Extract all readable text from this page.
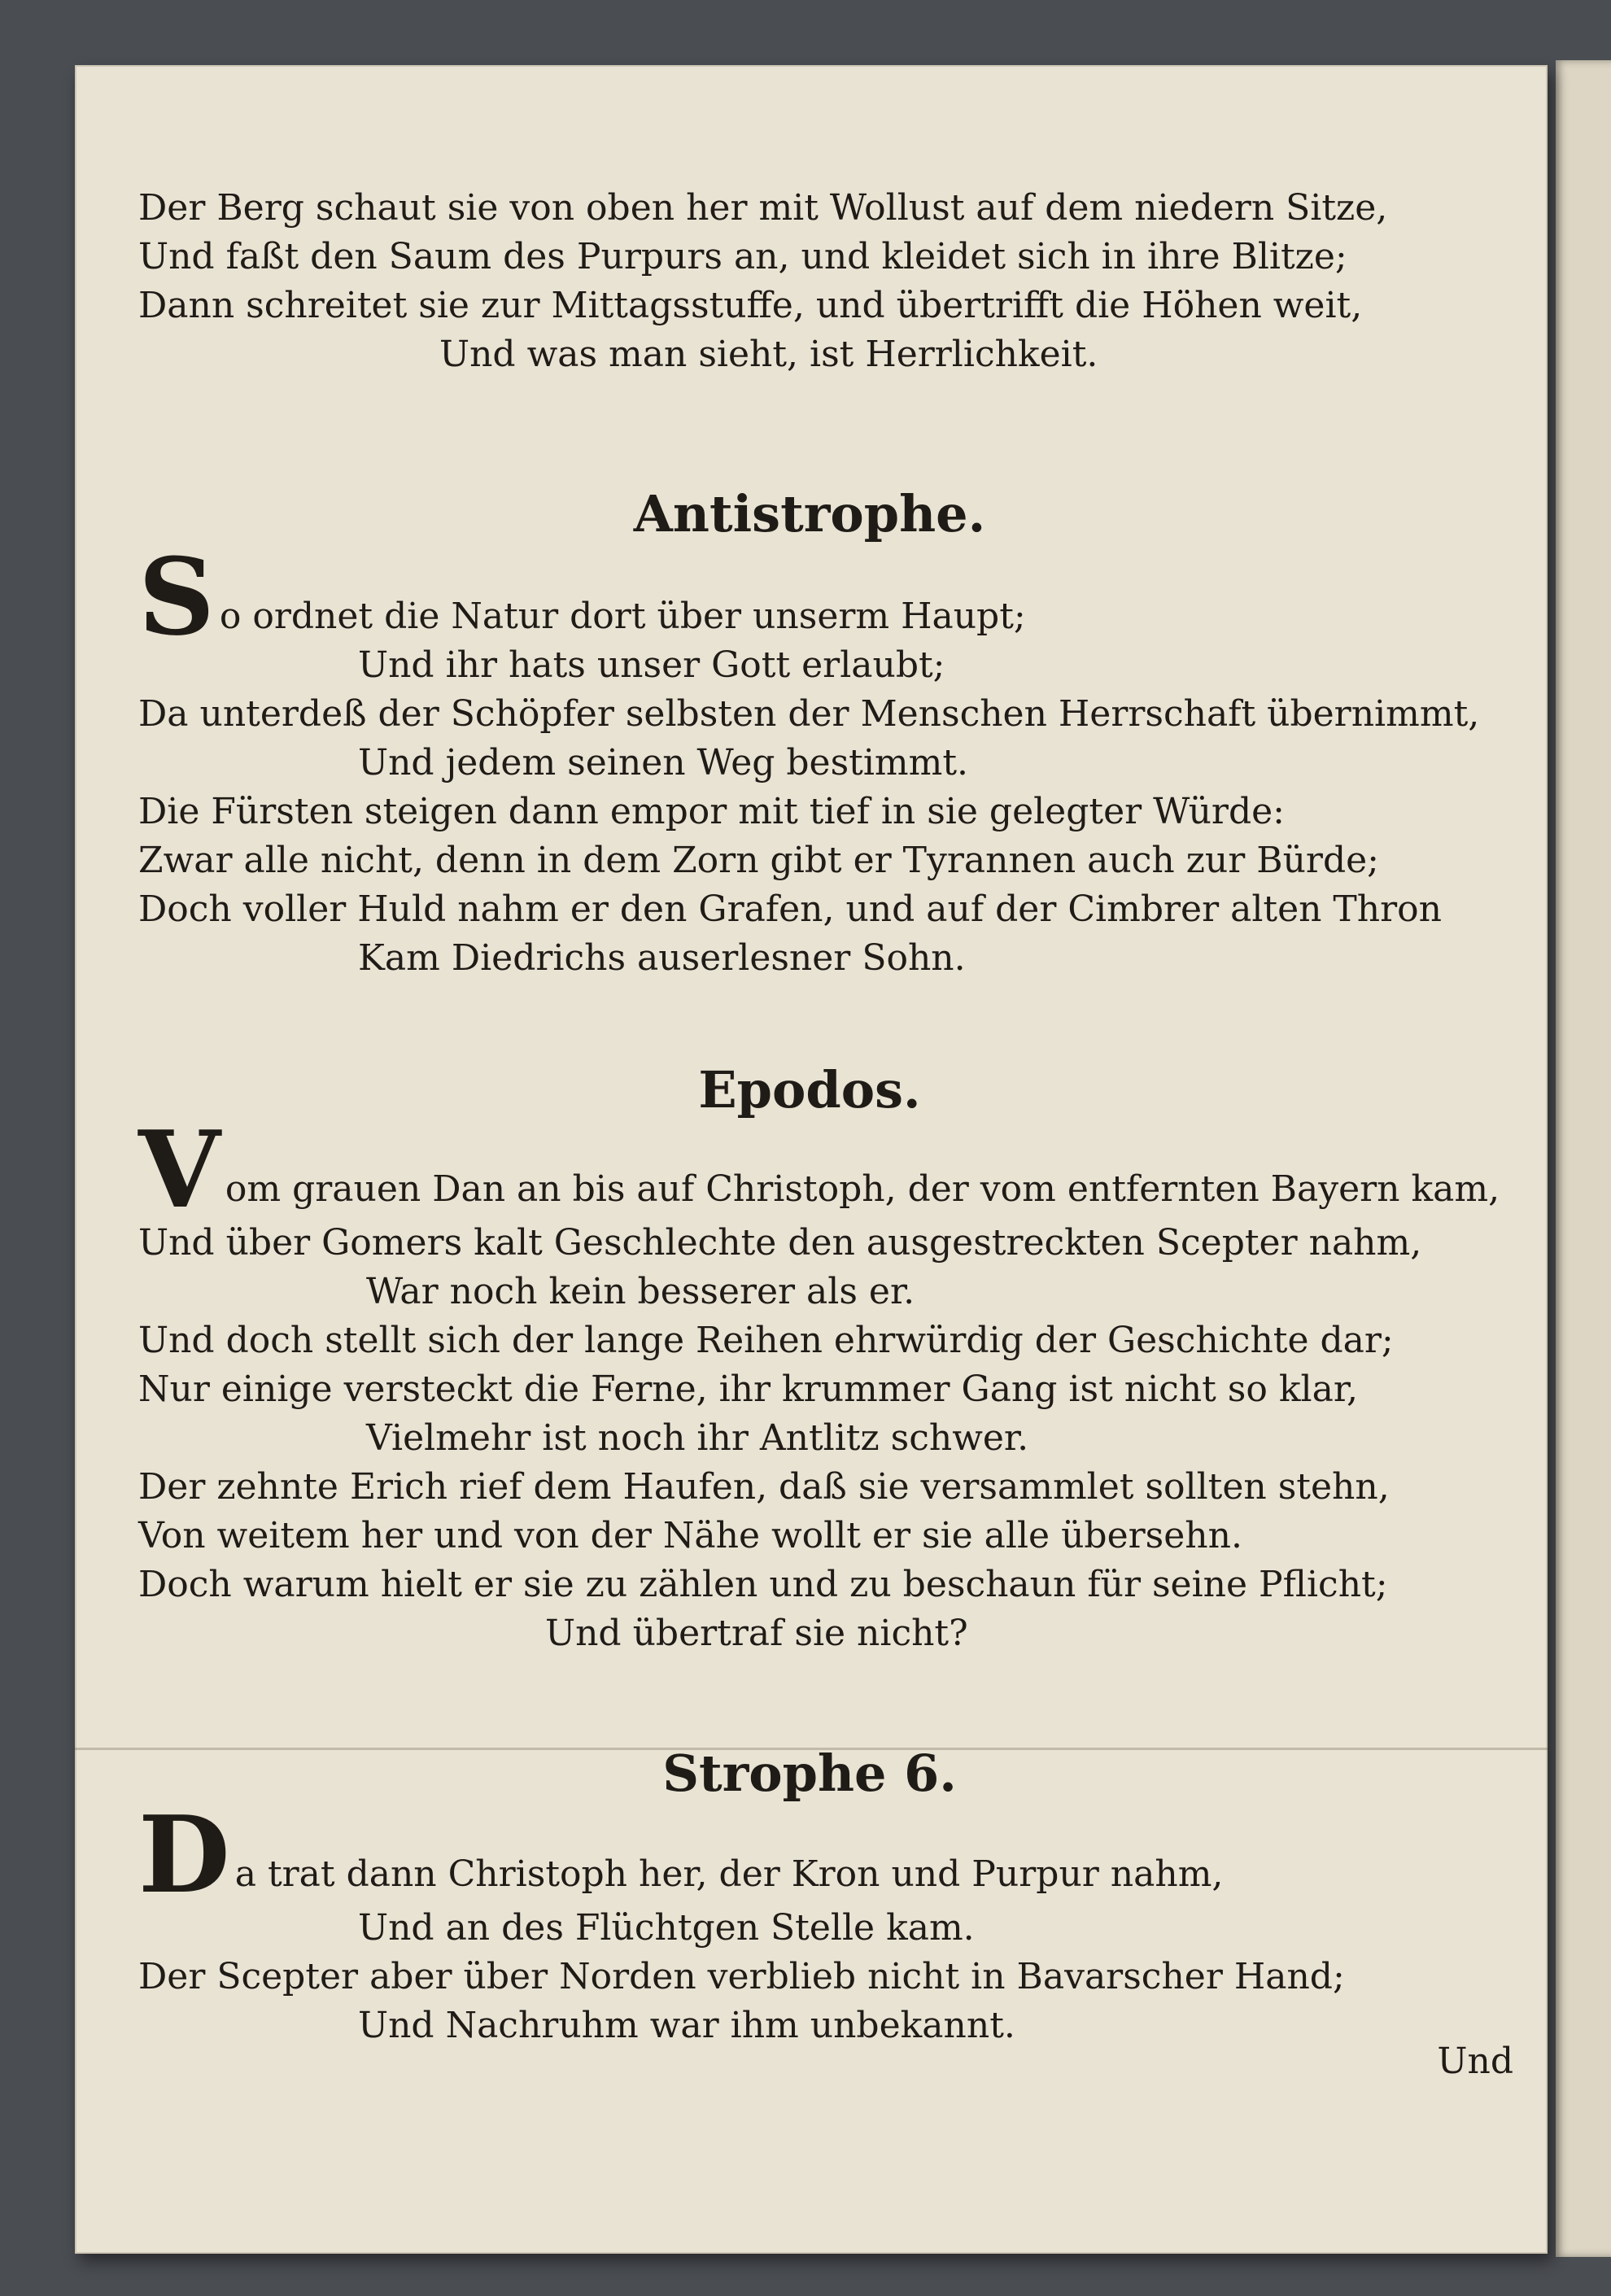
Der Berg schaut sie von oben her mit Wollust auf dem niedern Sitze,
Und faßt den Saum des Purpurs an, und kleidet sich in ihre Blitze;
Dann schreitet sie zur Mittagsstuffe, und übertrifft die Höhen weit,
Und was man sieht, ist Herrlichkeit.
Antistrophe.
S o ordnet die Natur dort über unserm Haupt;
Und ihr hats unser Gott erlaubt;
Da unterdeß der Schöpfer selbsten der Menschen Herrschaft übernimmt,
Und jedem seinen Weg bestimmt.
Die Fürsten steigen dann empor mit tief in sie gelegter Würde:
Zwar alle nicht, denn in dem Zorn gibt er Tyrannen auch zur Bürde;
Doch voller Huld nahm er den Grafen, und auf der Cimbrer alten Thron
Kam Diedrichs auserlesner Sohn.
Epodos.
V om grauen Dan an bis auf Christoph, der vom entfernten Bayern kam,
Und über Gomers kalt Geschlechte den ausgestreckten Scepter nahm,
War noch kein besserer als er.
Und doch stellt sich der lange Reihen ehrwürdig der Geschichte dar;
Nur einige versteckt die Ferne, ihr krummer Gang ist nicht so klar,
Vielmehr ist noch ihr Antlitz schwer.
Der zehnte Erich rief dem Haufen, daß sie versammlet sollten stehn,
Von weitem her und von der Nähe wollt er sie alle übersehn.
Doch warum hielt er sie zu zählen und zu beschaun für seine Pflicht;
Und übertraf sie nicht?
Strophe 6.
D a trat dann Christoph her, der Kron und Purpur nahm,
Und an des Flüchtgen Stelle kam.
Der Scepter aber über Norden verblieb nicht in Bavarscher Hand;
Und Nachruhm war ihm unbekannt.
Und
